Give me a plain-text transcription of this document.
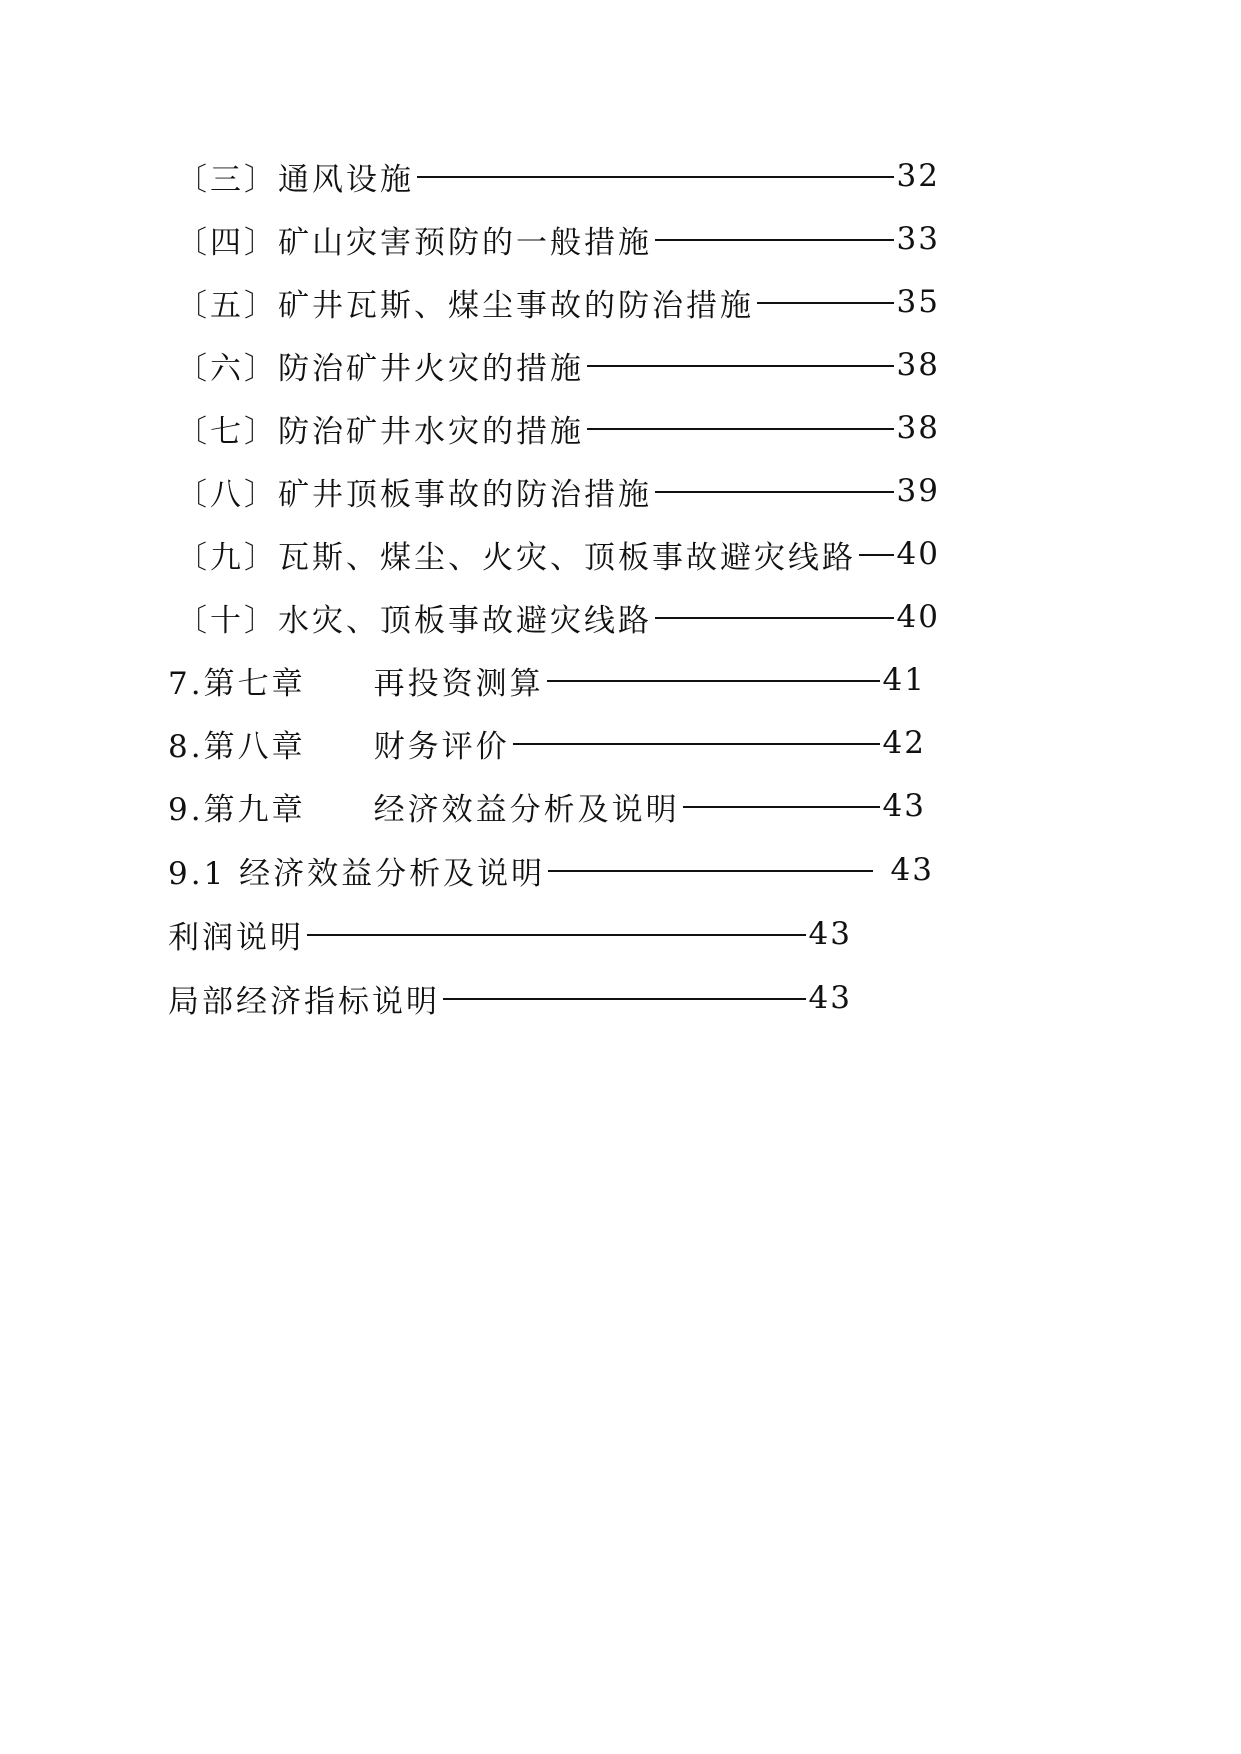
〔三〕通风设施	32
〔四〕矿山灾害预防的一般措施	33
〔五〕矿井瓦斯、煤尘事故的防治措施	35
〔六〕防治矿井火灾的措施	38
〔七〕防治矿井水灾的措施	38
〔八〕矿井顶板事故的防治措施	39
〔九〕瓦斯、煤尘、火灾、顶板事故避灾线路 40
〔十〕水灾、顶板事故避灾线路	40
7.第七章　　再投资测算	41
8.第八章　　财务评价	42
9.第九章　　经济效益分析及说明	43
9.1 经济效益分析及说明	43
利润说明	43
局部经济指标说明	43
